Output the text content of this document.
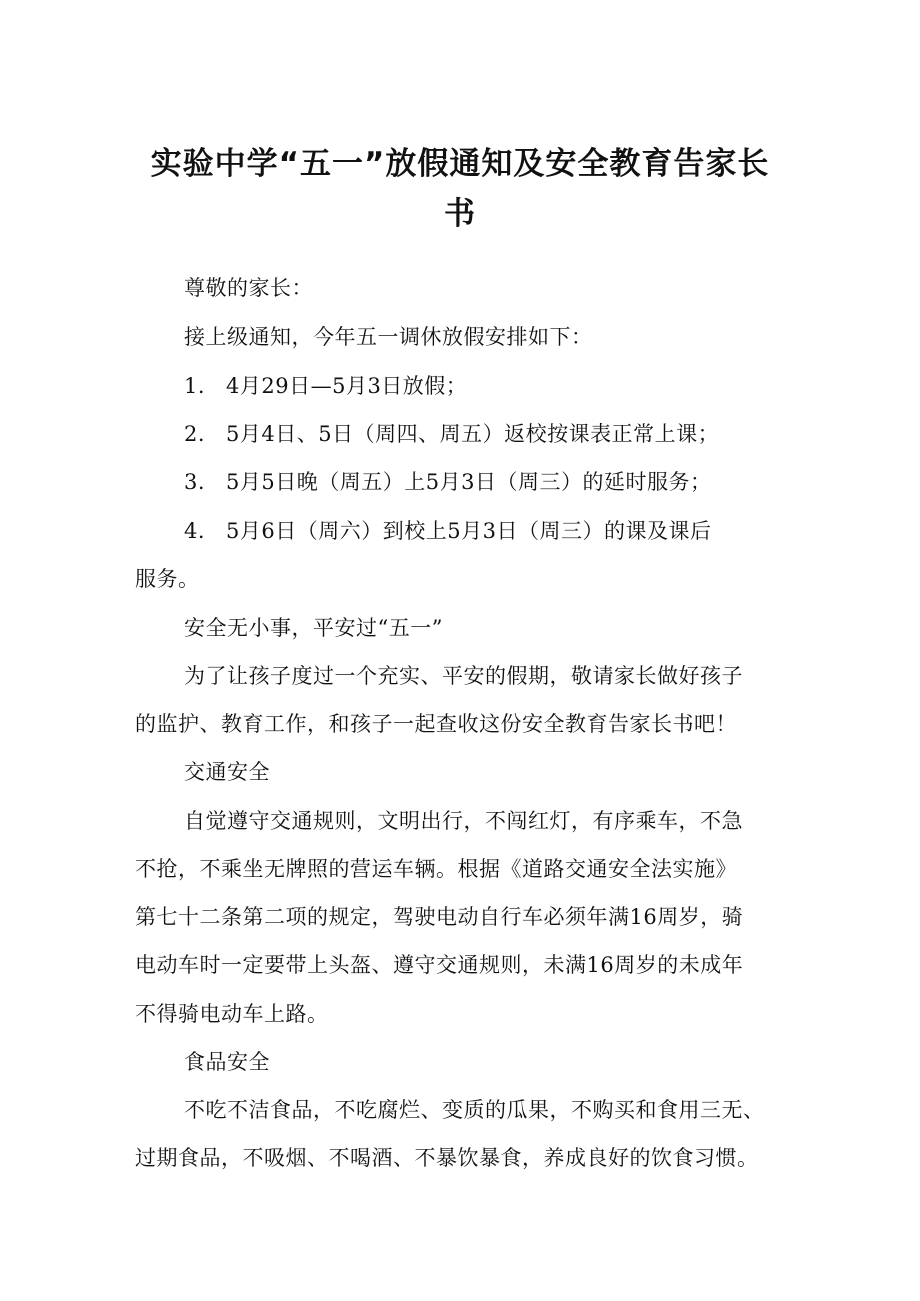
实验中学“五一”放假通知及安全教育告家长
书
尊敬的家长：
接上级通知，今年五一调休放假安排如下：
1. 4月29日—5月3日放假；
2. 5月4日、5日（周四、周五）返校按课表正常上课；
3. 5月5日晚（周五）上5月3日（周三）的延时服务；
4. 5月6日（周六）到校上5月3日（周三）的课及课后
服务。
安全无小事，平安过“五一”
为了让孩子度过一个充实、平安的假期，敬请家长做好孩子
的监护、教育工作，和孩子一起查收这份安全教育告家长书吧！
交通安全
自觉遵守交通规则，文明出行，不闯红灯，有序乘车，不急
不抢，不乘坐无牌照的营运车辆。根据《道路交通安全法实施》
第七十二条第二项的规定，驾驶电动自行车必须年满16周岁，骑
电动车时一定要带上头盔、遵守交通规则，未满16周岁的未成年
不得骑电动车上路。
食品安全
不吃不洁食品，不吃腐烂、变质的瓜果，不购买和食用三无、
过期食品，不吸烟、不喝酒、不暴饮暴食，养成良好的饮食习惯。
